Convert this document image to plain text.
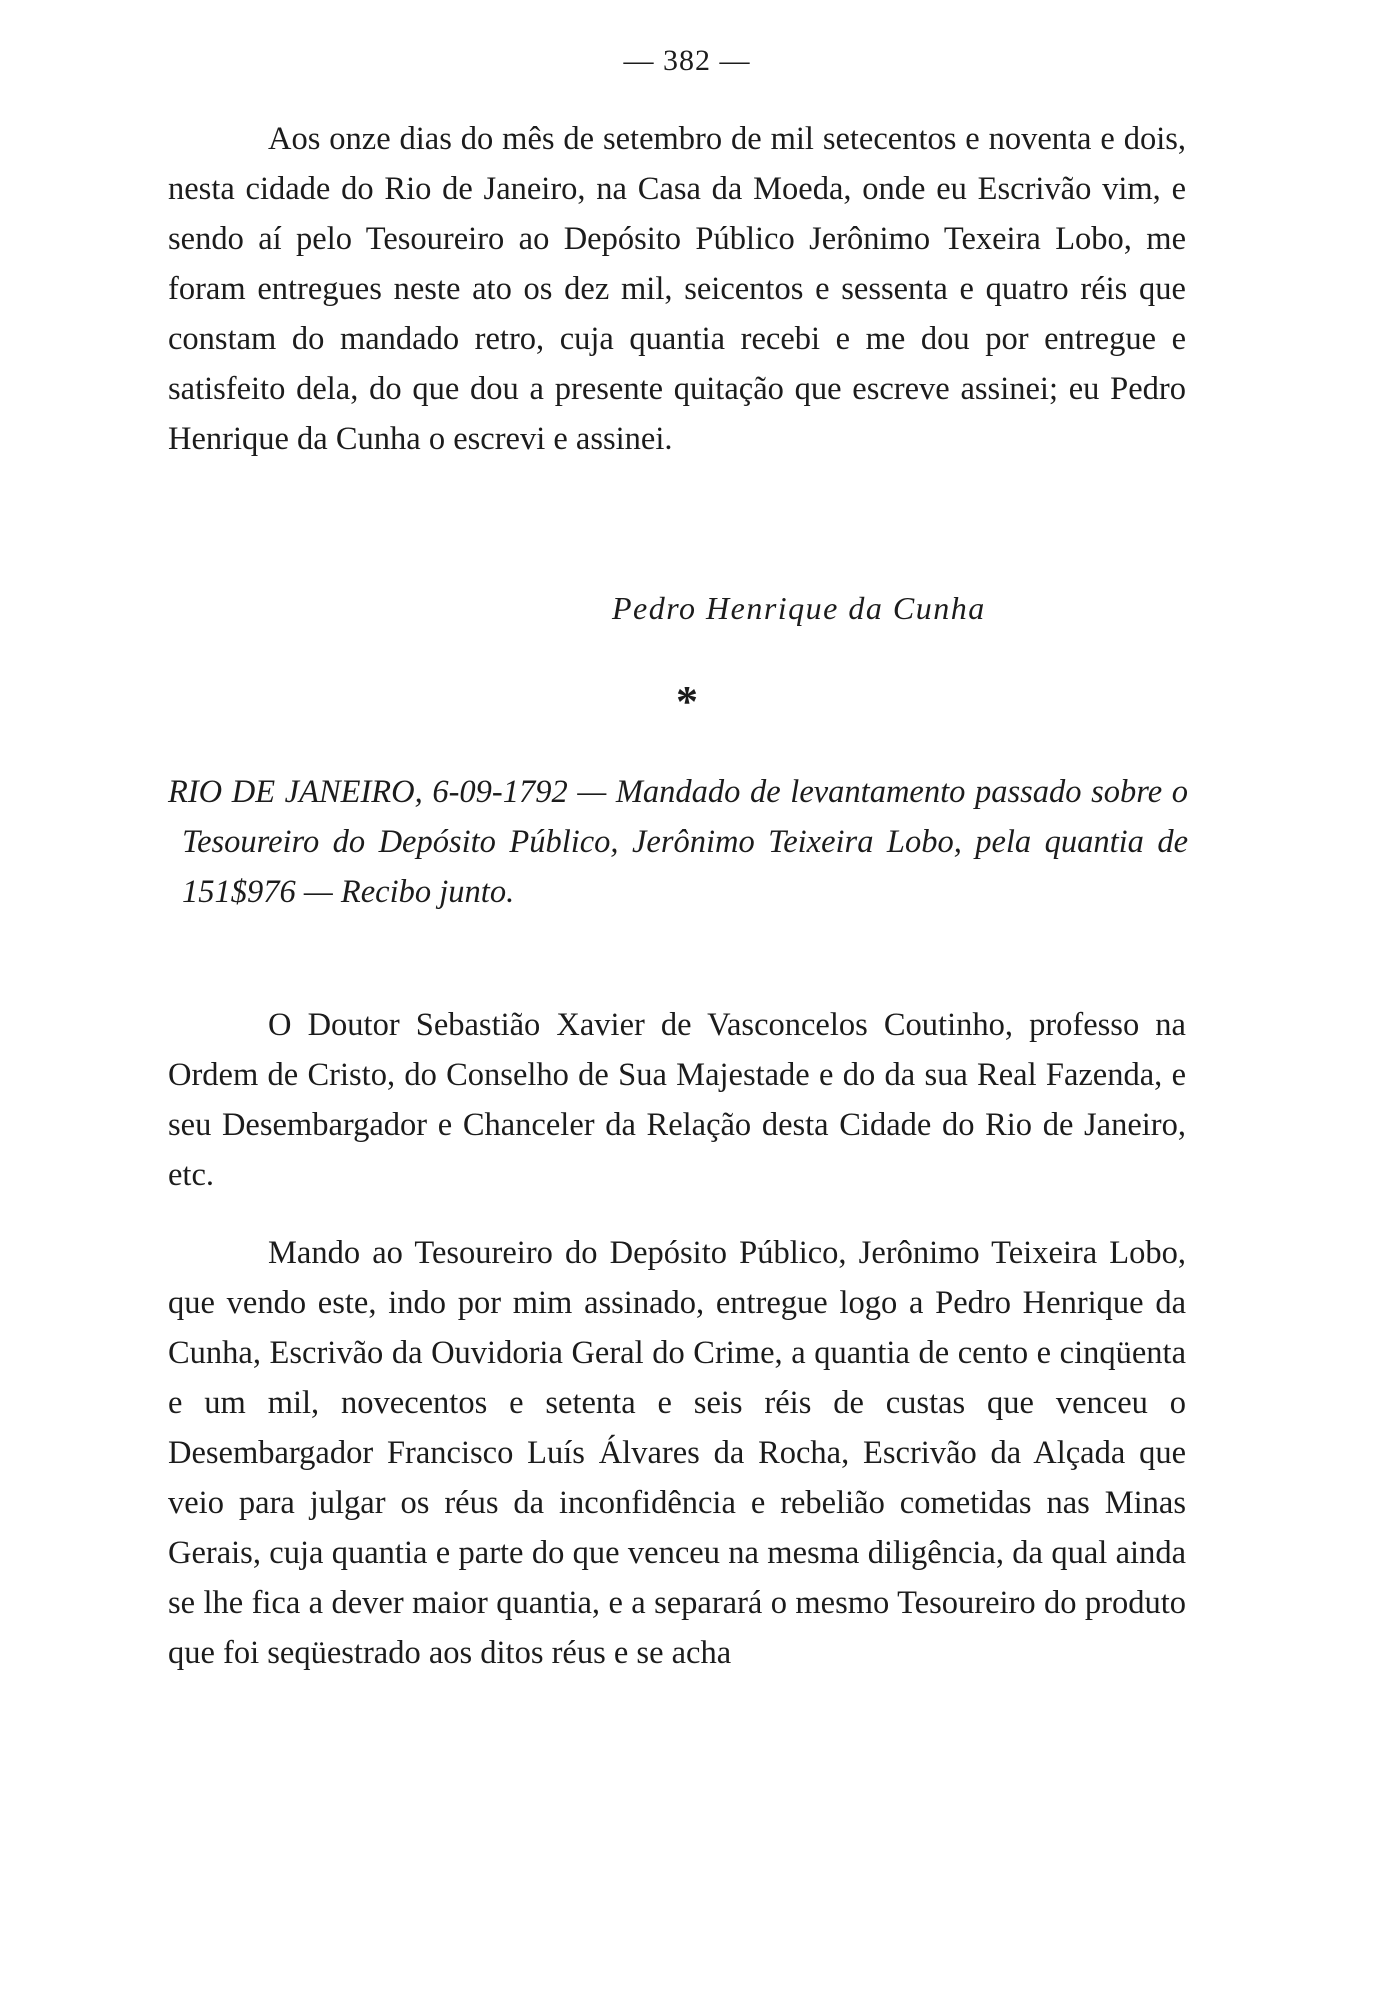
— 382 —

Aos onze dias do mês de setembro de mil setecentos e noventa e dois, nesta cidade do Rio de Janeiro, na Casa da Moeda, onde eu Escrivão vim, e sendo aí pelo Tesoureiro ao Depósito Público Jerônimo Texeira Lobo, me foram entregues neste ato os dez mil, seicentos e sessenta e quatro réis que constam do mandado retro, cuja quantia recebi e me dou por entregue e satisfeito dela, do que dou a presente quitação que escreve assinei; eu Pedro Henrique da Cunha o escrevi e assinei.

Pedro Henrique da Cunha
*

RIO DE JANEIRO, 6-09-1792 — Mandado de levantamento passado sobre o Tesoureiro do Depósito Público, Jerônimo Teixeira Lobo, pela quantia de 151$976 — Recibo junto.

O Doutor Sebastião Xavier de Vasconcelos Coutinho, professo na Ordem de Cristo, do Conselho de Sua Majestade e do da sua Real Fazenda, e seu Desembargador e Chanceler da Relação desta Cidade do Rio de Janeiro, etc.

Mando ao Tesoureiro do Depósito Público, Jerônimo Teixeira Lobo, que vendo este, indo por mim assinado, entregue logo a Pedro Henrique da Cunha, Escrivão da Ouvidoria Geral do Crime, a quantia de cento e cinqüenta e um mil, novecentos e setenta e seis réis de custas que venceu o Desembargador Francisco Luís Álvares da Rocha, Escrivão da Alçada que veio para julgar os réus da inconfidência e rebelião cometidas nas Minas Gerais, cuja quantia e parte do que venceu na mesma diligência, da qual ainda se lhe fica a dever maior quantia, e a separará o mesmo Tesoureiro do produto que foi seqüestrado aos ditos réus e se acha
